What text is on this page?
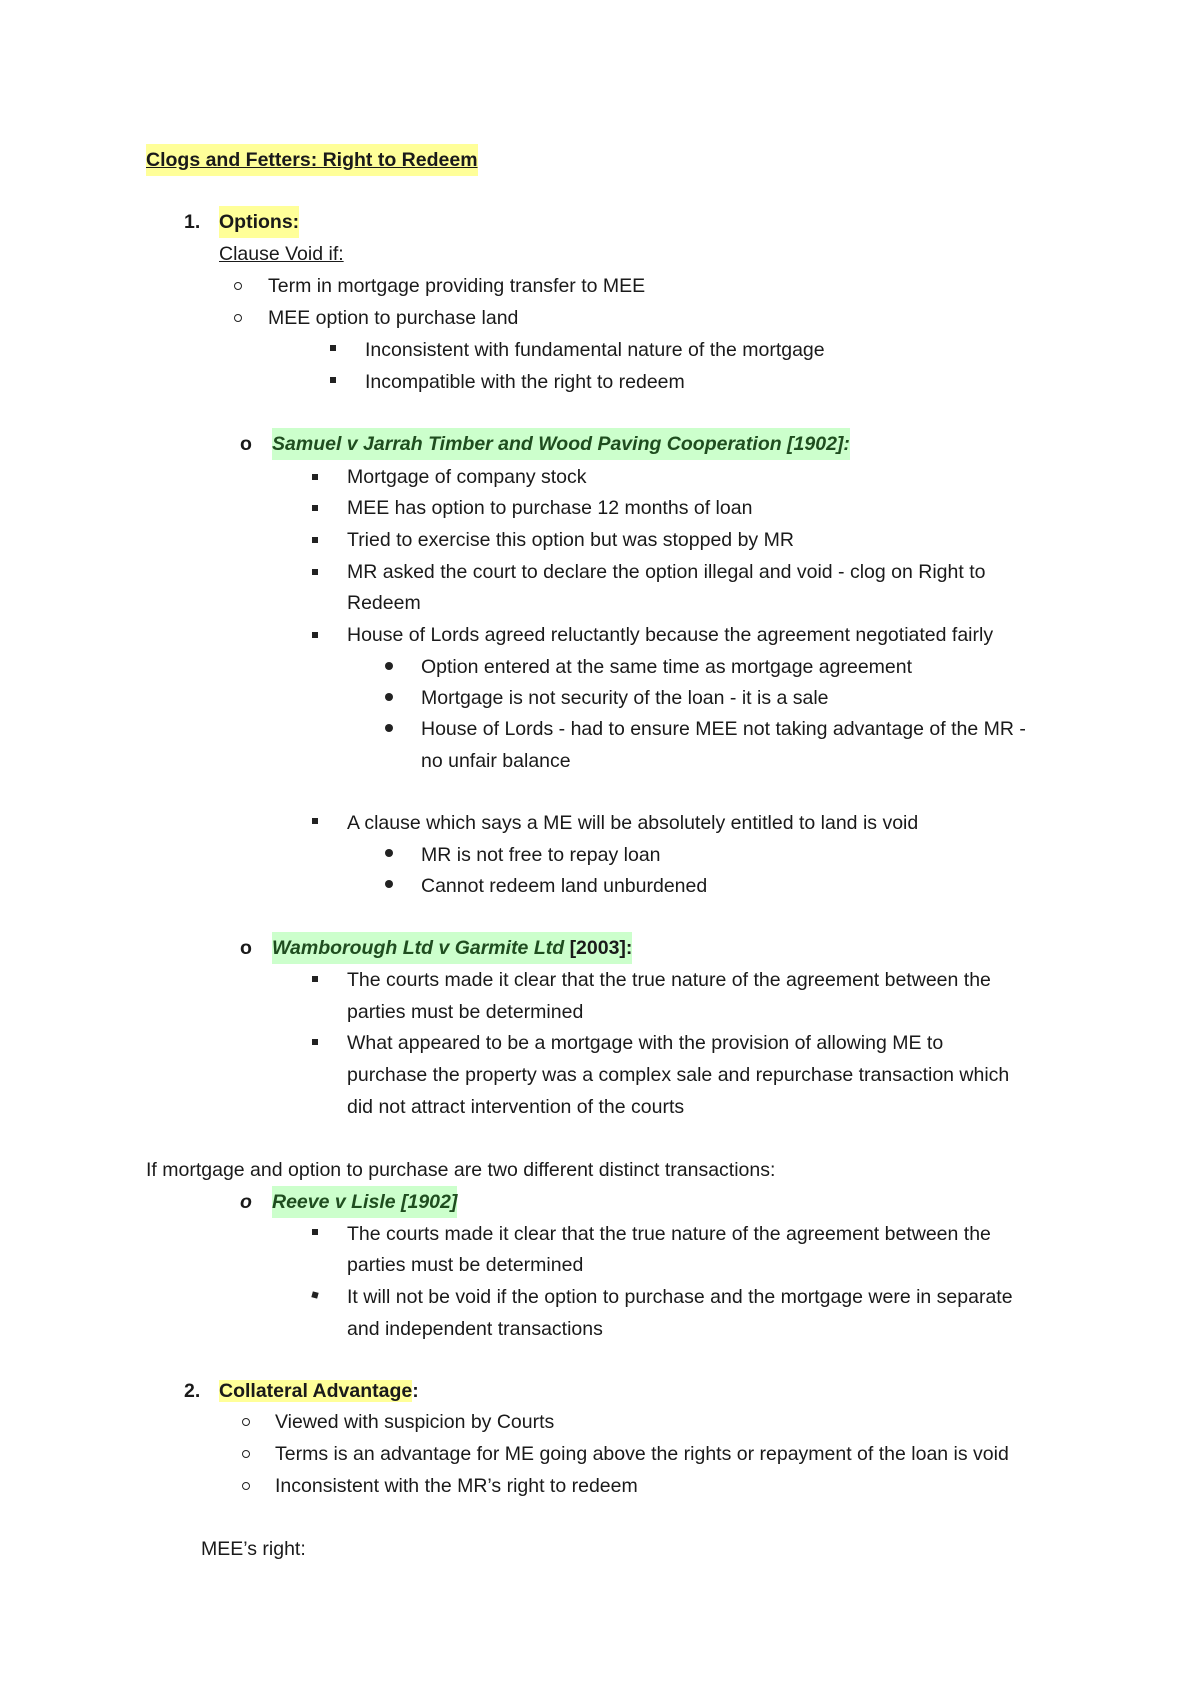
Clogs and Fetters: Right to Redeem
1. Options:
Clause Void if:
Term in mortgage providing transfer to MEE
MEE option to purchase land
Inconsistent with fundamental nature of the mortgage
Incompatible with the right to redeem
o Samuel v Jarrah Timber and Wood Paving Cooperation [1902]:
Mortgage of company stock
MEE has option to purchase 12 months of loan
Tried to exercise this option but was stopped by MR
MR asked the court to declare the option illegal and void - clog on Right to
Redeem
House of Lords agreed reluctantly because the agreement negotiated fairly
Option entered at the same time as mortgage agreement
Mortgage is not security of the loan - it is a sale
House of Lords - had to ensure MEE not taking advantage of the MR -
no unfair balance
A clause which says a ME will be absolutely entitled to land is void
MR is not free to repay loan
Cannot redeem land unburdened
o Wamborough Ltd v Garmite Ltd [2003]:
The courts made it clear that the true nature of the agreement between the
parties must be determined
What appeared to be a mortgage with the provision of allowing ME to
purchase the property was a complex sale and repurchase transaction which
did not attract intervention of the courts
If mortgage and option to purchase are two different distinct transactions:
o Reeve v Lisle [1902]
The courts made it clear that the true nature of the agreement between the
parties must be determined
It will not be void if the option to purchase and the mortgage were in separate
and independent transactions
2. Collateral Advantage:
Viewed with suspicion by Courts
Terms is an advantage for ME going above the rights or repayment of the loan is void
Inconsistent with the MR’s right to redeem
MEE’s right:
